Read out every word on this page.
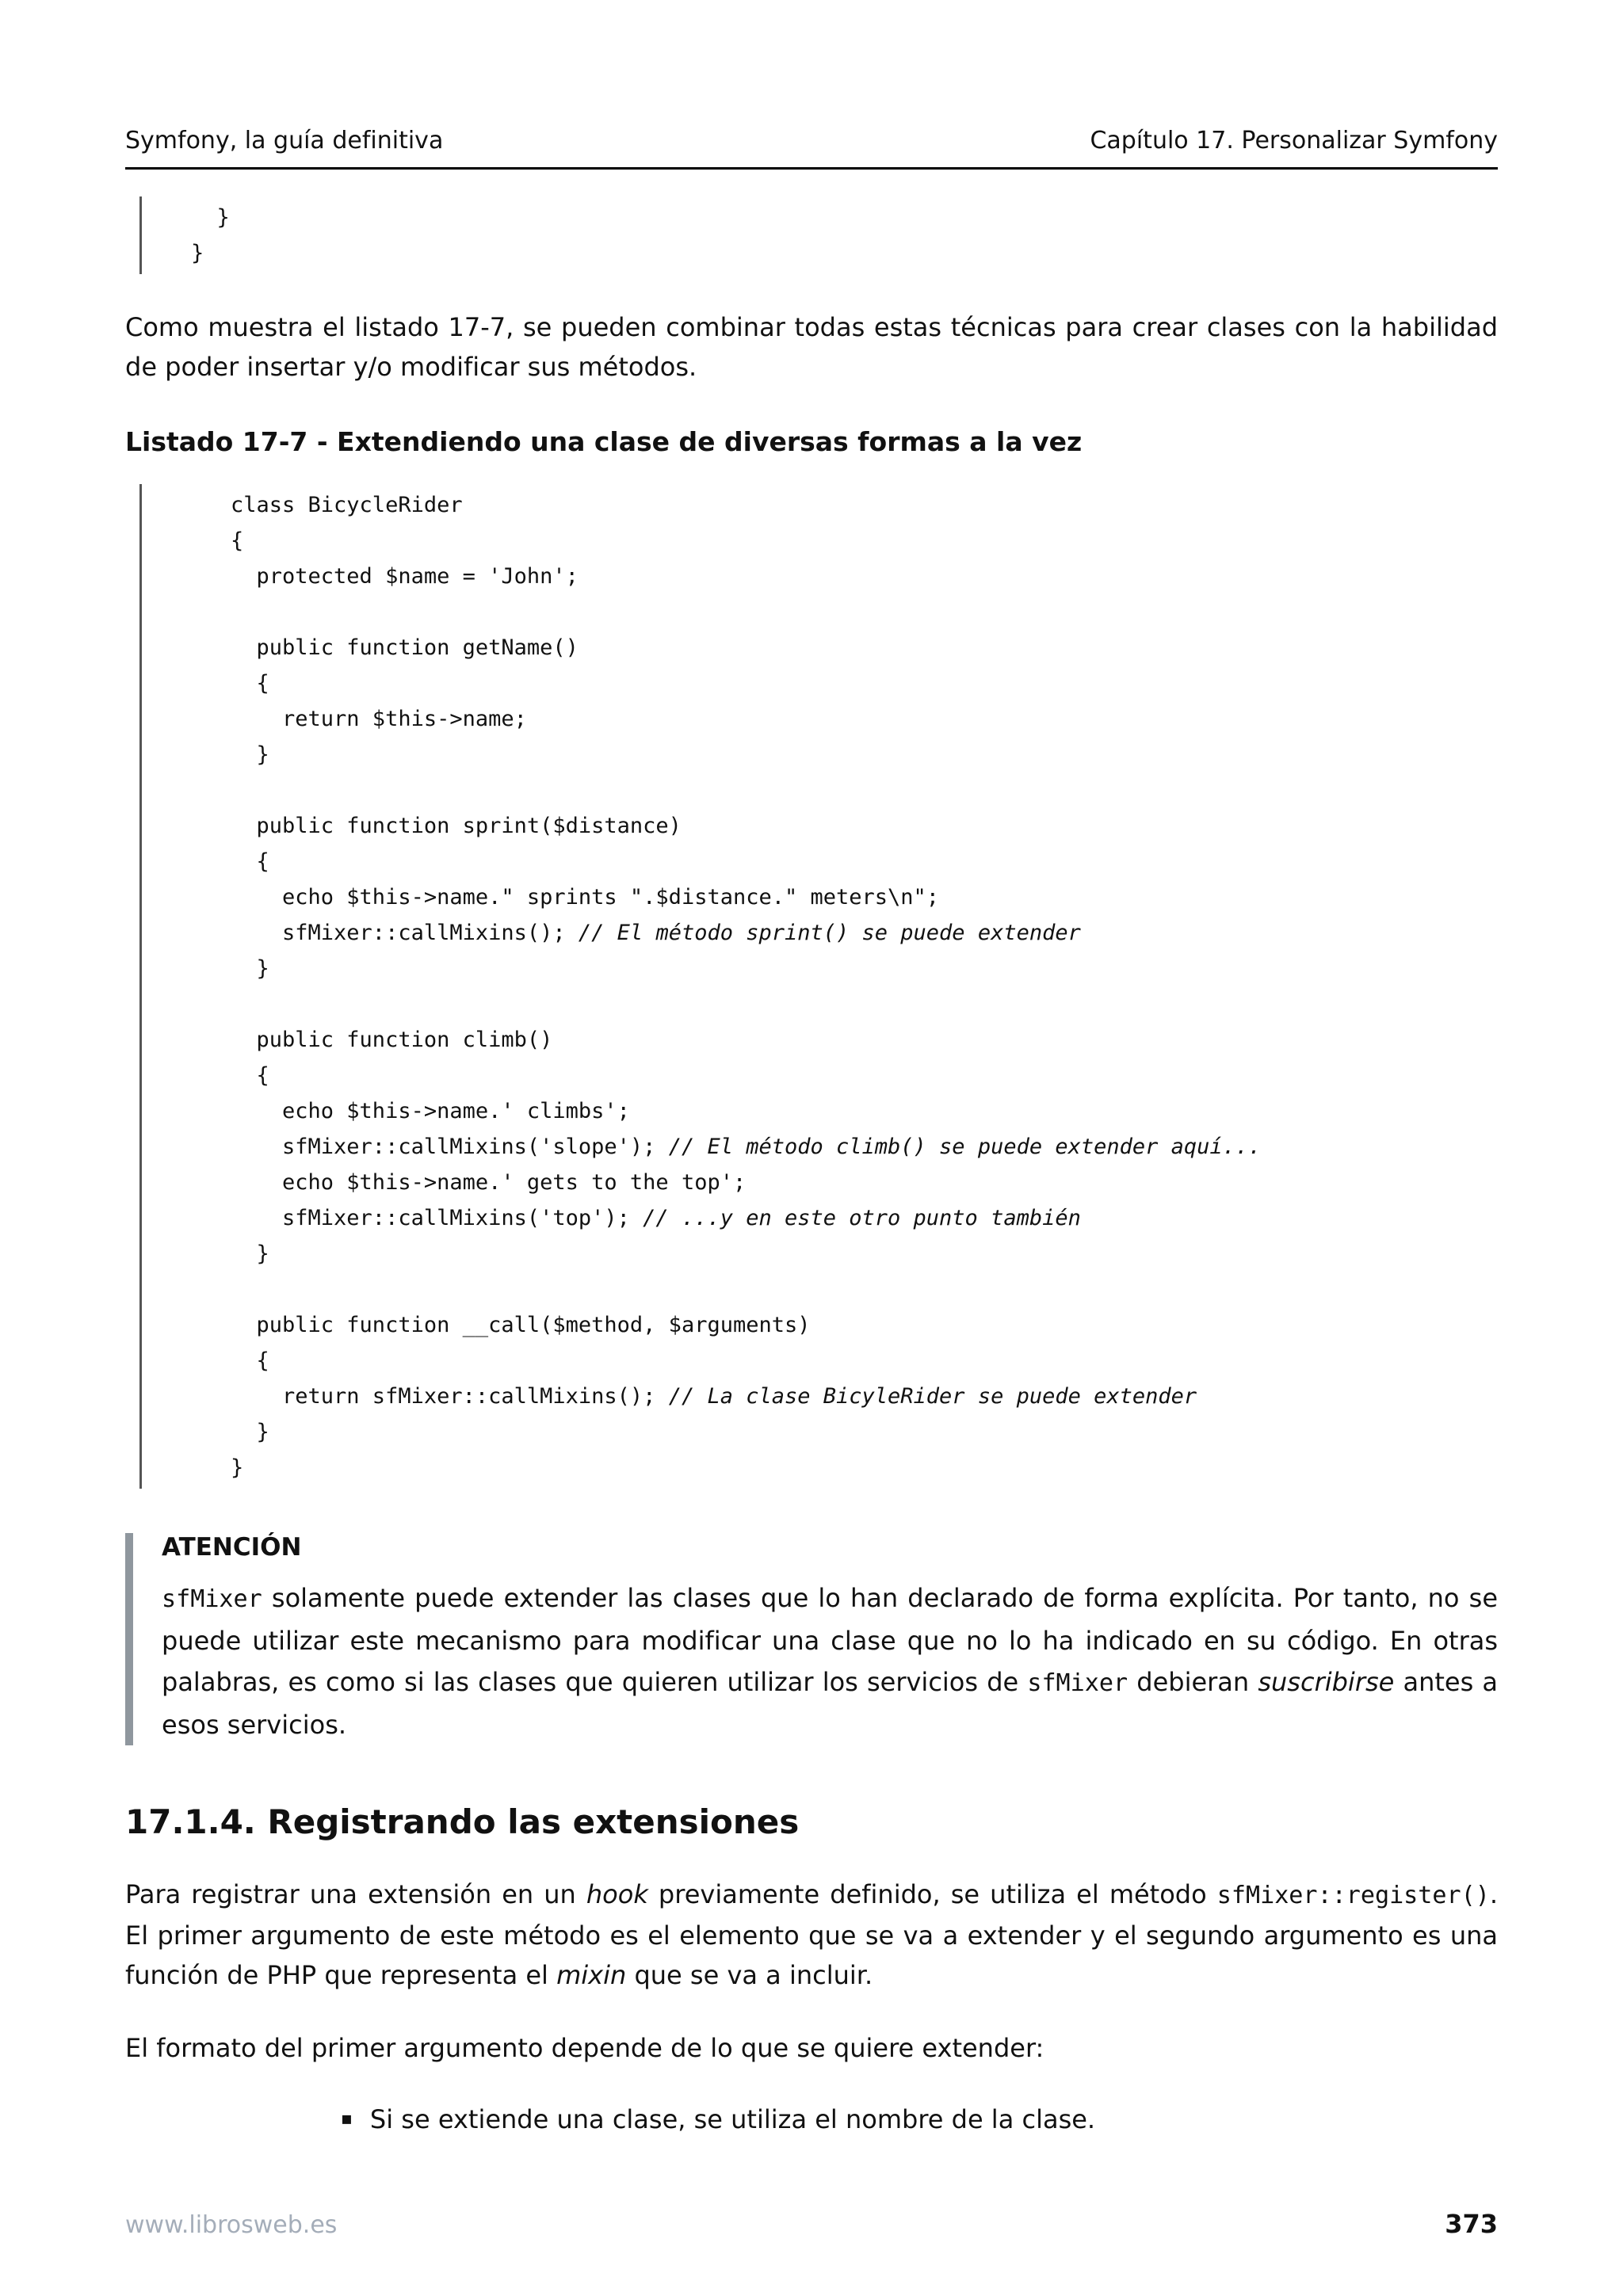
Symfony, la guía definitiva	Capítulo 17. Personalizar Symfony
}
}

Como muestra el listado 17-7, se pueden combinar todas estas técnicas para crear clases con la habilidad de poder insertar y/o modificar sus métodos.

Listado 17-7 - Extendiendo una clase de diversas formas a la vez
class BicycleRider
{
protected $name = 'John';
public function getName()
{
return $this->name;
}
public function sprint($distance)
{
echo $this->name." sprints ".$distance." meters\n";
sfMixer::callMixins(); // El método sprint() se puede extender
}
public function climb()
{
echo $this->name.' climbs';
sfMixer::callMixins('slope'); // El método climb() se puede extender aquí...
echo $this->name.' gets to the top';
sfMixer::callMixins('top'); // ...y en este otro punto también
}
public function __call($method, $arguments)
{
return sfMixer::callMixins(); // La clase BicyleRider se puede extender
}
}
ATENCIÓN
sfMixer solamente puede extender las clases que lo han declarado de forma explícita. Por tanto, no se puede utilizar este mecanismo para modificar una clase que no lo ha indicado en su código. En otras palabras, es como si las clases que quieren utilizar los servicios de sfMixer debieran suscribirse antes a esos servicios.
17.1.4. Registrando las extensiones

Para registrar una extensión en un hook previamente definido, se utiliza el método sfMixer::register(). El primer argumento de este método es el elemento que se va a extender y el segundo argumento es una función de PHP que representa el mixin que se va a incluir.

El formato del primer argumento depende de lo que se quiere extender:

▪ Si se extiende una clase, se utiliza el nombre de la clase.
www.librosweb.es	373
